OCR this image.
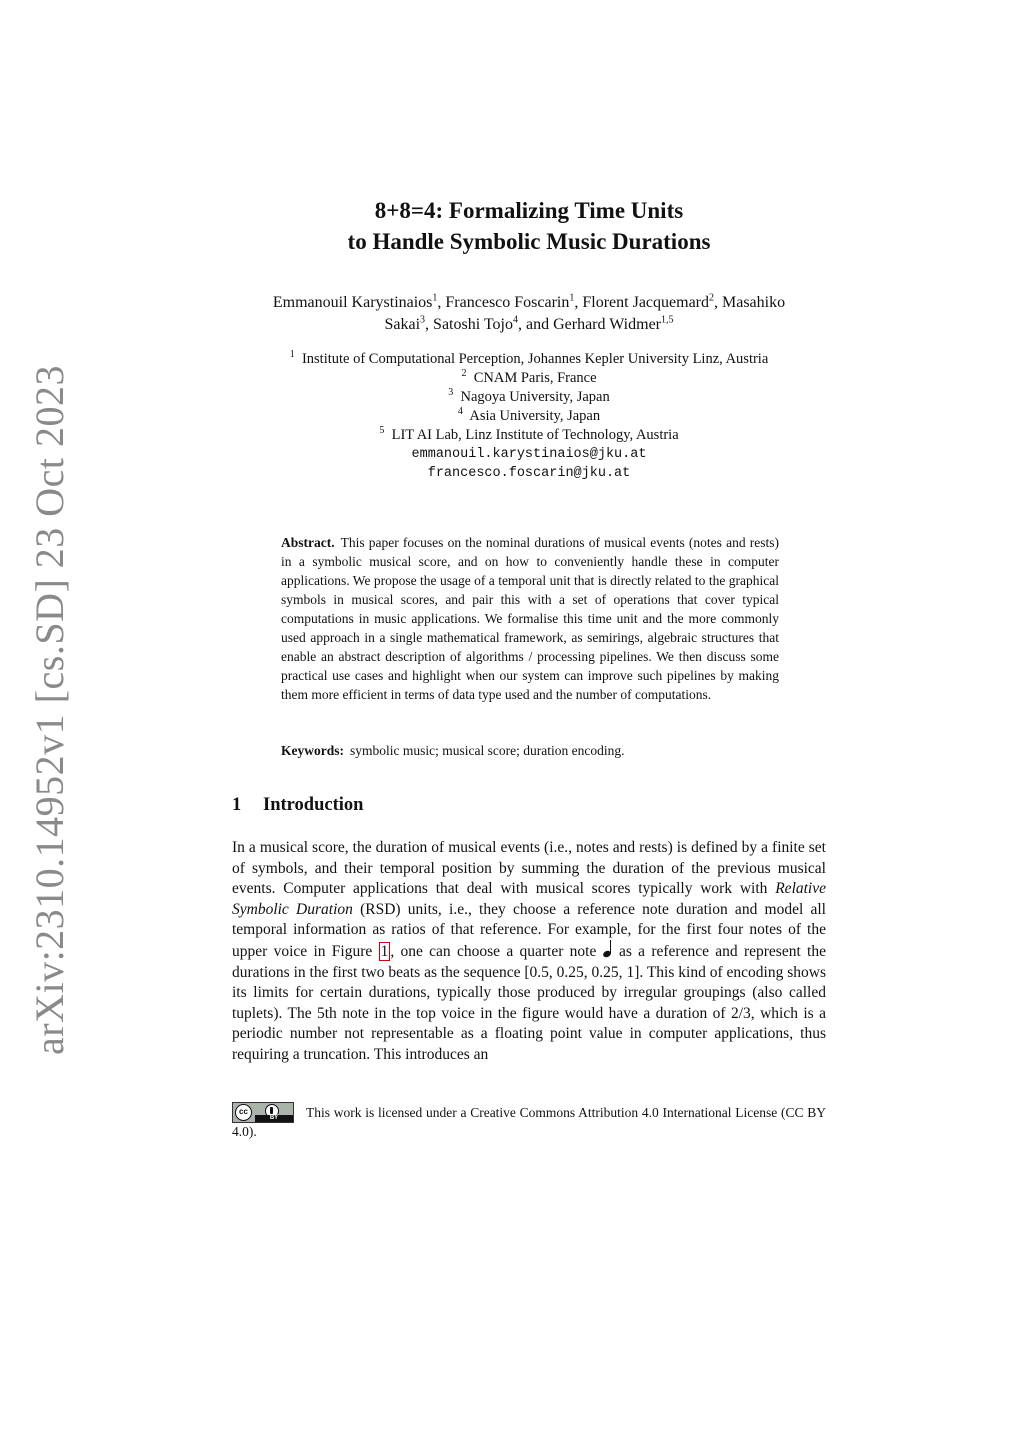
arXiv:2310.14952v1 [cs.SD] 23 Oct 2023
8+8=4: Formalizing Time Units
to Handle Symbolic Music Durations
Emmanouil Karystinaios$^1$, Francesco Foscarin$^1$, Florent Jacquemard$^2$, Masahiko
Sakai$^3$, Satoshi Tojo$^4$, and Gerhard Widmer$^{1,5}$
$^1$ Institute of Computational Perception, Johannes Kepler University Linz, Austria
$^2$ CNAM Paris, France
$^3$ Nagoya University, Japan
$^4$ Asia University, Japan
$^5$ LIT AI Lab, Linz Institute of Technology, Austria
emmanouil.karystinaios@jku.at
francesco.foscarin@jku.at
Abstract. This paper focuses on the nominal durations of musical events (notes and rests) in a symbolic musical score, and on how to conveniently handle these in computer applications. We propose the usage of a temporal unit that is directly related to the graphical symbols in musical scores, and pair this with a set of operations that cover typical computations in music applications. We formalise this time unit and the more commonly used approach in a single mathematical framework, as semirings, algebraic structures that enable an abstract description of algorithms / processing pipelines. We then discuss some practical use cases and highlight when our system can improve such pipelines by making them more efficient in terms of data type used and the number of computations.
Keywords: symbolic music; musical score; duration encoding.
1 Introduction

In a musical score, the duration of musical events (i.e., notes and rests) is defined by a finite set of symbols, and their temporal position by summing the duration of the previous musical events. Computer applications that deal with musical scores typically work with Relative Symbolic Duration (RSD) units, i.e., they choose a reference note duration and model all temporal information as ratios of that reference. For example, for the first four notes of the upper voice in Figure 1 , one can choose a quarter note  as a reference and represent the durations in the first two beats as the sequence [0.5, 0.25, 0.25, 1]. This kind of encoding shows its limits for certain durations, typically those produced by irregular groupings (also called tuplets). The 5th note in the top voice in the figure would have a duration of 2/3, which is a periodic number not representable as a floating point value in computer applications, thus requiring a truncation. This introduces an

cc
BY	This work is licensed under a Creative Commons Attribution 4.0 International License (CC BY 4.0).
